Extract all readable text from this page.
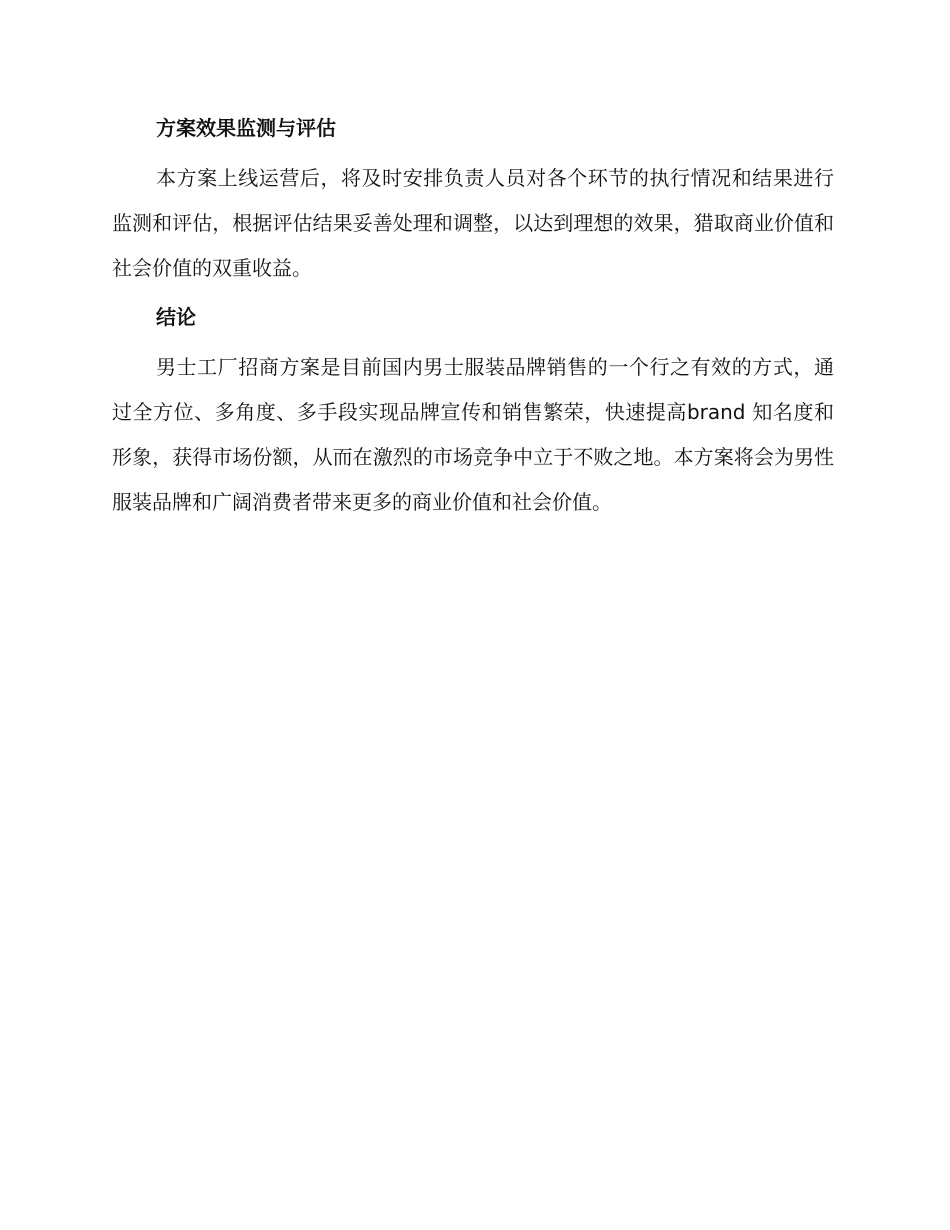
方案效果监测与评估
本方案上线运营后，将及时安排负责人员对各个环节的执行情况和结果进行监测和评估，根据评估结果妥善处理和调整，以达到理想的效果，猎取商业价值和社会价值的双重收益。
结论
男士工厂招商方案是目前国内男士服装品牌销售的一个行之有效的方式，通过全方位、多角度、多手段实现品牌宣传和销售繁荣，快速提高brand 知名度和形象，获得市场份额，从而在激烈的市场竞争中立于不败之地。本方案将会为男性服装品牌和广阔消费者带来更多的商业价值和社会价值。
